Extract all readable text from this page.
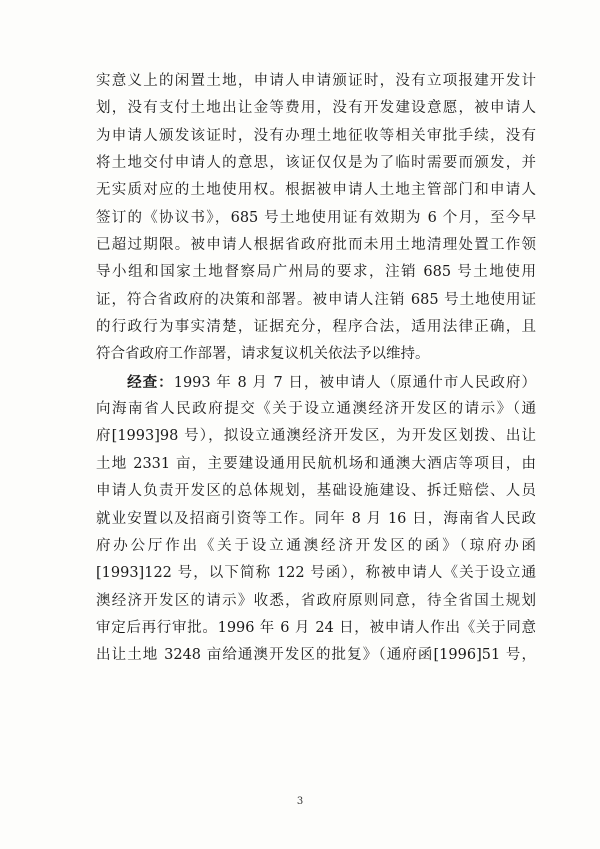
实意义上的闲置土地，申请人申请颁证时，没有立项报建开发计
划，没有支付土地出让金等费用，没有开发建设意愿，被申请人
为申请人颁发该证时，没有办理土地征收等相关审批手续，没有
将土地交付申请人的意思，该证仅仅是为了临时需要而颁发，并
无实质对应的土地使用权。根据被申请人土地主管部门和申请人
签订的《协议书》，685 号土地使用证有效期为 6 个月，至今早
已超过期限。被申请人根据省政府批而未用土地清理处置工作领
导小组和国家土地督察局广州局的要求，注销 685 号土地使用
证，符合省政府的决策和部署。被申请人注销 685 号土地使用证
的行政行为事实清楚，证据充分，程序合法，适用法律正确，且
符合省政府工作部署，请求复议机关依法予以维持。
　　经查：1993 年 8 月 7 日，被申请人（原通什市人民政府）
向海南省人民政府提交《关于设立通澳经济开发区的请示》（通
府[1993]98 号），拟设立通澳经济开发区，为开发区划拨、出让
土地 2331 亩，主要建设通用民航机场和通澳大酒店等项目，由
申请人负责开发区的总体规划，基础设施建设、拆迁赔偿、人员
就业安置以及招商引资等工作。同年 8 月 16 日，海南省人民政
府办公厅作出《关于设立通澳经济开发区的函》（琼府办函
[1993]122 号，以下简称 122 号函），称被申请人《关于设立通
澳经济开发区的请示》收悉，省政府原则同意，待全省国土规划
审定后再行审批。1996 年 6 月 24 日，被申请人作出《关于同意
出让土地 3248 亩给通澳开发区的批复》（通府函[1996]51 号，
3
